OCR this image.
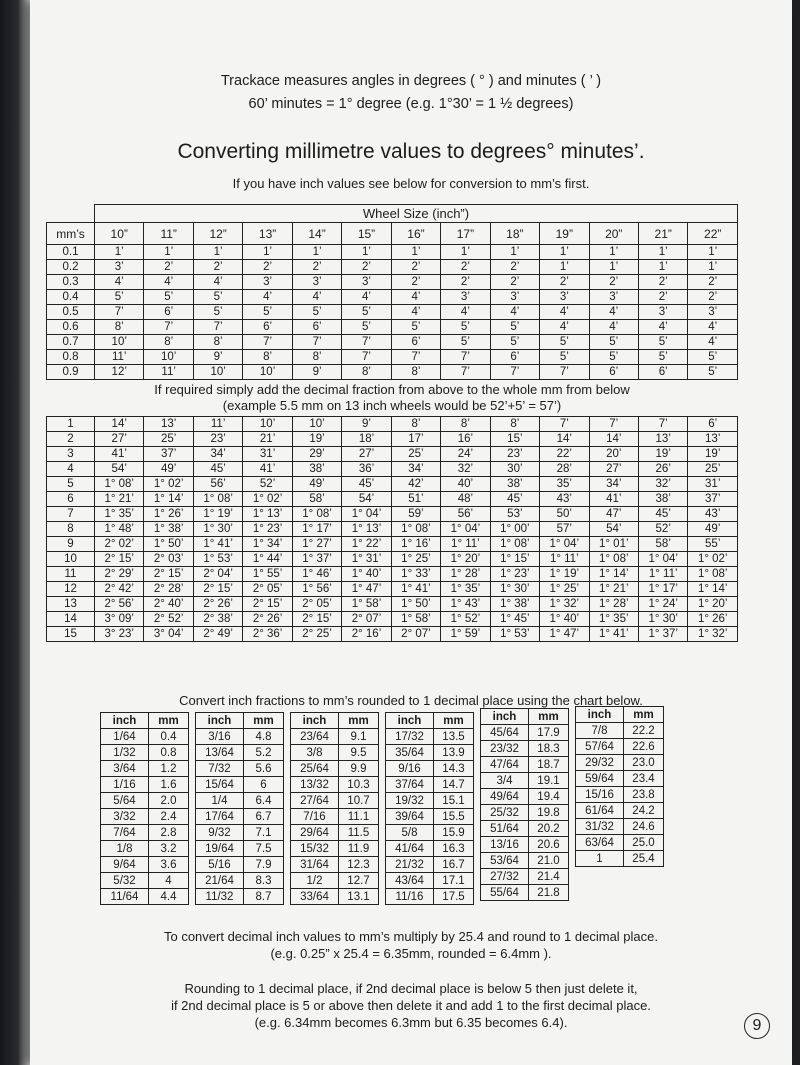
Trackace measures angles in degrees ( ° ) and minutes ( ’ )
60’ minutes = 1° degree (e.g. 1°30’ = 1 ½ degrees)
Converting millimetre values to degrees° minutes’.
If you have inch values see below for conversion to mm’s first.
	Wheel Size (inch”)												
mm’s	10”	11”	12”	13”	14”	15”	16”	17”	18”	19”	20”	21”	22”
0.1	1’	1’	1’	1’	1’	1’	1’	1’	1’	1’	1’	1’	1’
0.2	3’	2’	2’	2’	2’	2’	2’	2’	2’	1’	1’	1’	1’
0.3	4’	4’	4’	3’	3’	3’	2’	2’	2’	2’	2’	2’	2’
0.4	5’	5’	5’	4’	4’	4’	4’	3’	3’	3’	3’	2’	2’
0.5	7’	6’	5’	5’	5’	5’	4’	4’	4’	4’	4’	3’	3’
0.6	8’	7’	7’	6’	6’	5’	5’	5’	5’	4’	4’	4’	4’
0.7	10’	8’	8’	7’	7’	7’	6’	5’	5’	5’	5’	5’	4’
0.8	11’	10’	9’	8’	8’	7’	7’	7’	6’	5’	5’	5’	5’
0.9	12’	11’	10’	10’	9’	8’	8’	7’	7’	7’	6’	6’	5’

If required simply add the decimal fraction from above to the whole mm from below
(example 5.5 mm on 13 inch wheels would be 52’+5’ = 57’)													

1	14’	13’	11’	10’	10’	9’	8’	8’	8’	7’	7’	7’	6’
2	27’	25’	23’	21’	19’	18’	17’	16’	15’	14’	14’	13’	13’
3	41’	37’	34’	31’	29’	27’	25’	24’	23’	22’	20’	19’	19’
4	54’	49’	45’	41’	38’	36’	34’	32’	30’	28’	27’	26’	25’
5	1° 08’	1° 02’	56’	52’	49’	45’	42’	40’	38’	35’	34’	32’	31’
6	1° 21’	1° 14’	1° 08’	1° 02’	58’	54’	51’	48’	45’	43’	41’	38’	37’
7	1° 35’	1° 26’	1° 19’	1° 13’	1° 08’	1° 04’	59’	56’	53’	50’	47’	45’	43’
8	1° 48’	1° 38’	1° 30’	1° 23’	1° 17’	1° 13’	1° 08’	1° 04’	1° 00’	57’	54’	52’	49’
9	2° 02’	1° 50’	1° 41’	1° 34’	1° 27’	1° 22’	1° 16’	1° 11’	1° 08’	1° 04’	1° 01’	58’	55’
10	2° 15’	2° 03’	1° 53’	1° 44’	1° 37’	1° 31’	1° 25’	1° 20’	1° 15’	1° 11’	1° 08’	1° 04’	1° 02’
11	2° 29’	2° 15’	2° 04’	1° 55’	1° 46’	1° 40’	1° 33’	1° 28’	1° 23’	1° 19’	1° 14’	1° 11’	1° 08’
12	2° 42’	2° 28’	2° 15’	2° 05’	1° 56’	1° 47’	1° 41’	1° 35’	1° 30’	1° 25’	1° 21’	1° 17’	1° 14’
13	2° 56’	2° 40’	2° 26’	2° 15’	2° 05’	1° 58’	1° 50’	1° 43’	1° 38’	1° 32’	1° 28’	1° 24’	1° 20’
14	3° 09’	2° 52’	2° 38’	2° 26’	2° 15’	2° 07’	1° 58’	1° 52’	1° 45’	1° 40’	1° 35’	1° 30’	1° 26’
15	3° 23’	3° 04’	2° 49’	2° 36’	2° 25’	2° 16’	2° 07’	1° 59’	1° 53’	1° 47’	1° 41’	1° 37’	1° 32’
Convert inch fractions to mm’s rounded to 1 decimal place using the chart below.
inch	mm
1/64	0.4
1/32	0.8
3/64	1.2
1/16	1.6
5/64	2.0
3/32	2.4
7/64	2.8
1/8	3.2
9/64	3.6
5/32	4
11/64	4.4
inch	mm
3/16	4.8
13/64	5.2
7/32	5.6
15/64	6
1/4	6.4
17/64	6.7
9/32	7.1
19/64	7.5
5/16	7.9
21/64	8.3
11/32	8.7
inch	mm
23/64	9.1
3/8	9.5
25/64	9.9
13/32	10.3
27/64	10.7
7/16	11.1
29/64	11.5
15/32	11.9
31/64	12.3
1/2	12.7
33/64	13.1
inch	mm
17/32	13.5
35/64	13.9
9/16	14.3
37/64	14.7
19/32	15.1
39/64	15.5
5/8	15.9
41/64	16.3
21/32	16.7
43/64	17.1
11/16	17.5
inch	mm
45/64	17.9
23/32	18.3
47/64	18.7
3/4	19.1
49/64	19.4
25/32	19.8
51/64	20.2
13/16	20.6
53/64	21.0
27/32	21.4
55/64	21.8
inch	mm
7/8	22.2
57/64	22.6
29/32	23.0
59/64	23.4
15/16	23.8
61/64	24.2
31/32	24.6
63/64	25.0
1	25.4
To convert decimal inch values to mm’s multiply by 25.4 and round to 1 decimal place.
(e.g. 0.25” x 25.4 = 6.35mm, rounded = 6.4mm ).
Rounding to 1 decimal place, if 2nd decimal place is below 5 then just delete it,
if 2nd decimal place is 5 or above then delete it and add 1 to the first decimal place.
(e.g. 6.34mm becomes 6.3mm but 6.35 becomes 6.4).	9
